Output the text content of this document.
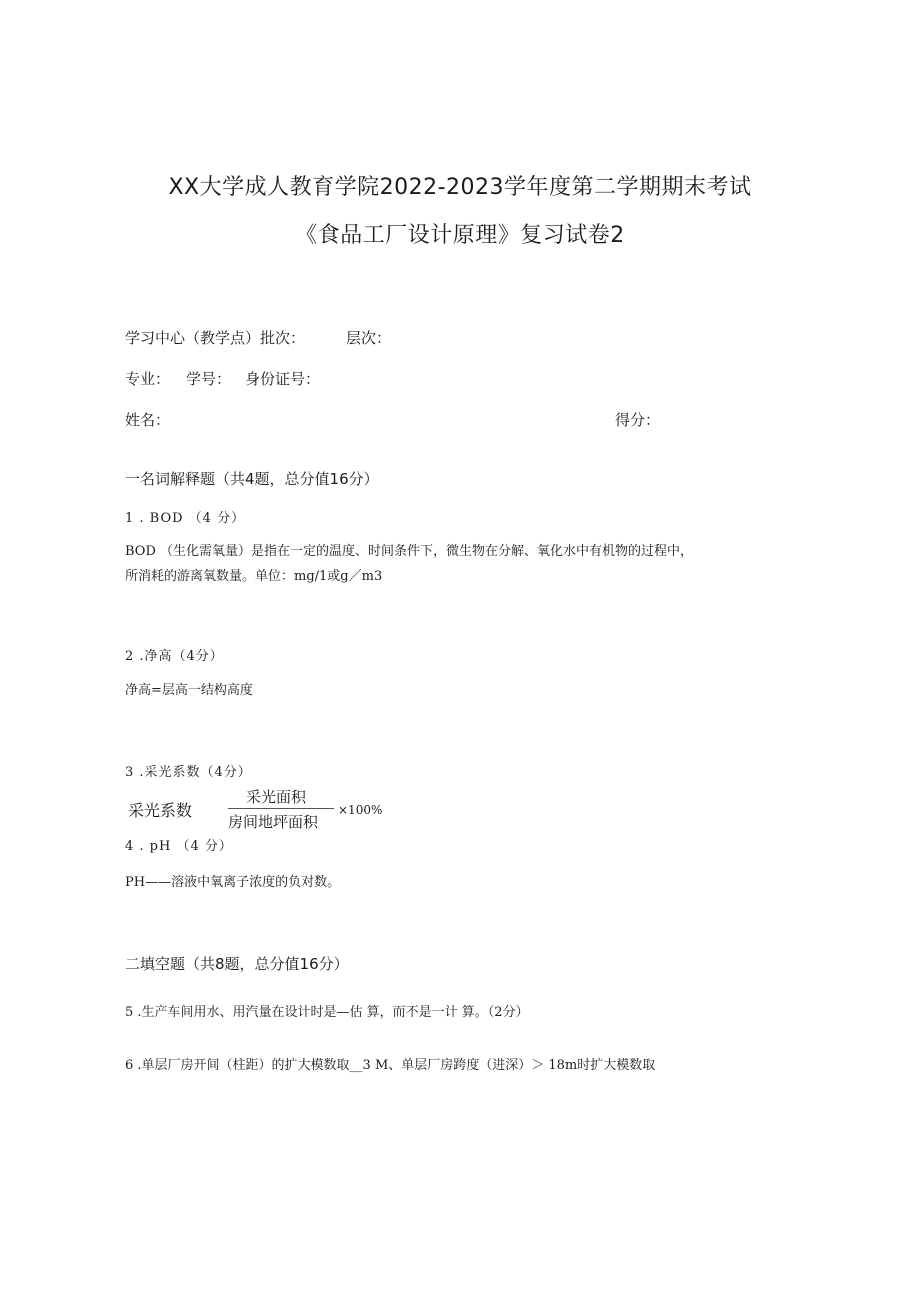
XX大学成人教育学院2022-2023学年度第二学期期末考试
《食品工厂设计原理》复习试卷2
学习中心（教学点）批次：	层次：
专业： 学号： 身份证号：
姓名：	得分：
一名词解释题（共4题，总分值16分）
1 . BOD （4 分）
BOD （生化需氧量）是指在一定的温度、时间条件下，微生物在分解、氧化水中有机物的过程中，
所消耗的游离氧数量。单位：mg/1或g／m3
2 .净高（4分）
净高=层高一结构高度
3 .采光系数（4分）
采光系数
采光面积
房间地坪面积
×100%
4 . pH （4 分）
PH——溶液中氧离子浓度的负对数。
二填空题（共8题，总分值16分）
5 .生产车间用水、用汽量在设计时是—估 算，而不是一计 算。（2分）
6 .单层厂房开间（柱距）的扩大模数取__3 M、单层厂房跨度（进深）＞ 18m时扩大模数取
